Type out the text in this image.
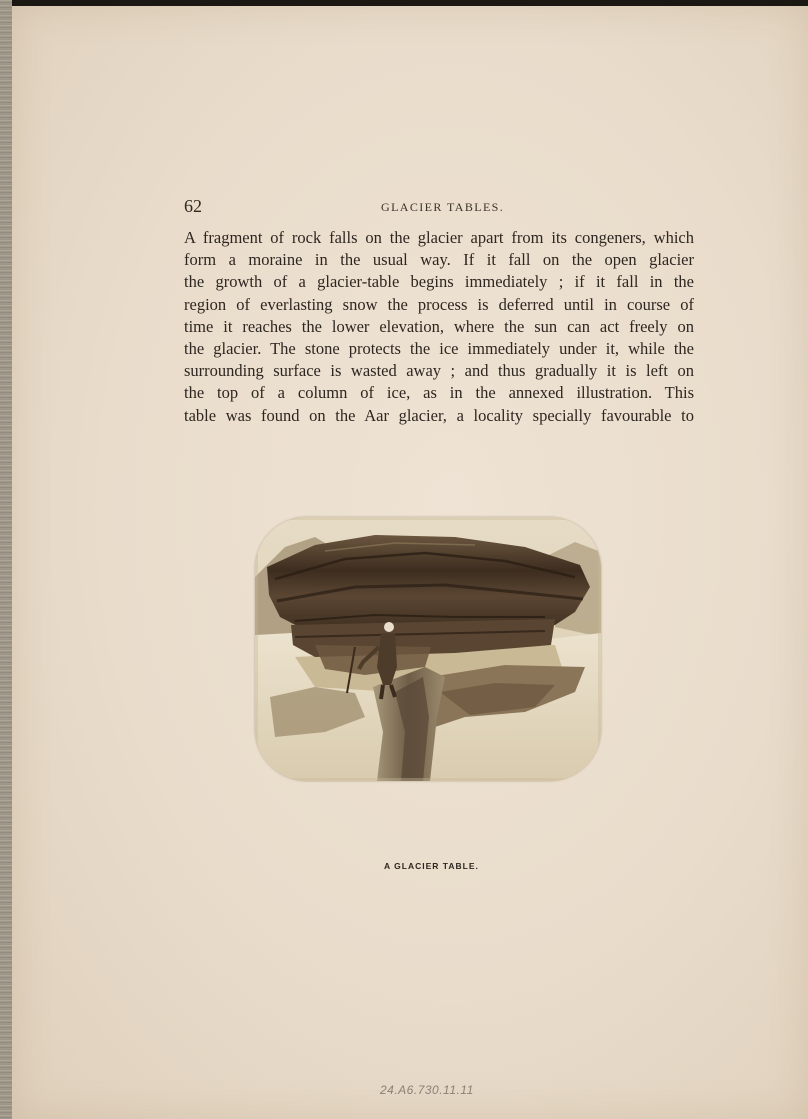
62	GLACIER TABLES.

A fragment of rock falls on the glacier apart from its congeners, which
form a moraine in the usual way. If it fall on the open glacier
the growth of a glacier-table begins immediately ; if it fall in the
region of everlasting snow the process is deferred until in course of
time it reaches the lower elevation, where the sun can act freely on
the glacier. The stone protects the ice immediately under it, while the
surrounding surface is wasted away ; and thus gradually it is left on
the top of a column of ice, as in the annexed illustration. This
table was found on the Aar glacier, a locality specially favourable to

A GLACIER TABLE.
24.A6.730.11.11
